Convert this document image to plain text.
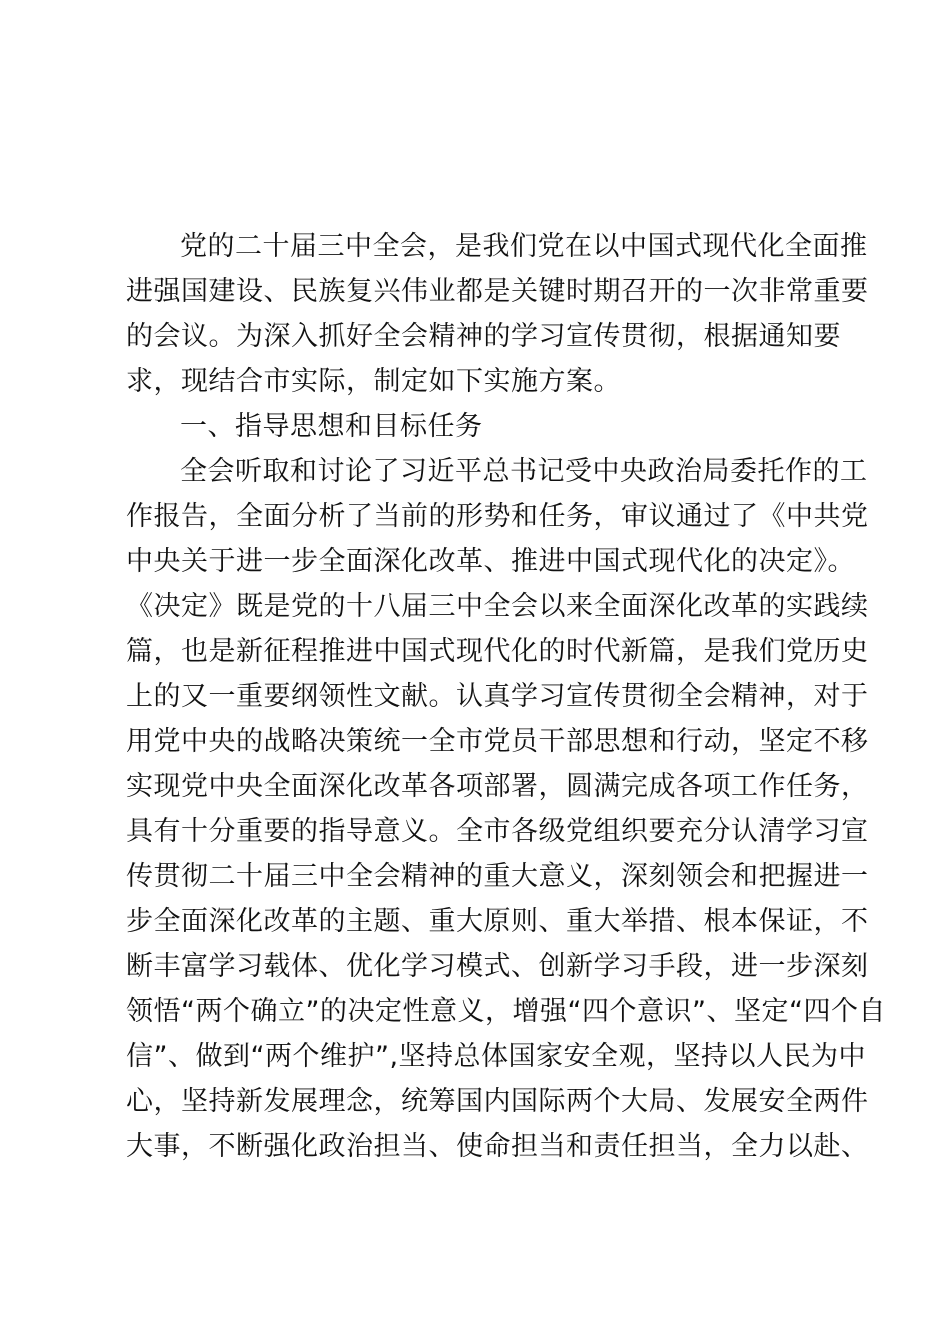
党的二十届三中全会，是我们党在以中国式现代化全面推
进强国建设、民族复兴伟业都是关键时期召开的一次非常重要
的会议。为深入抓好全会精神的学习宣传贯彻，根据通知要
求，现结合市实际，制定如下实施方案。
一、指导思想和目标任务
全会听取和讨论了习近平总书记受中央政治局委托作的工
作报告，全面分析了当前的形势和任务，审议通过了《中共党
中央关于进一步全面深化改革、推进中国式现代化的决定》。
《决定》既是党的十八届三中全会以来全面深化改革的实践续
篇，也是新征程推进中国式现代化的时代新篇，是我们党历史
上的又一重要纲领性文献。认真学习宣传贯彻全会精神，对于
用党中央的战略决策统一全市党员干部思想和行动，坚定不移
实现党中央全面深化改革各项部署，圆满完成各项工作任务，
具有十分重要的指导意义。全市各级党组织要充分认清学习宣
传贯彻二十届三中全会精神的重大意义，深刻领会和把握进一
步全面深化改革的主题、重大原则、重大举措、根本保证，不
断丰富学习载体、优化学习模式、创新学习手段，进一步深刻
领悟“两个确立”的决定性意义，增强“四个意识”、坚定“四个自
信”、做到“两个维护”,坚持总体国家安全观，坚持以人民为中
心，坚持新发展理念，统筹国内国际两个大局、发展安全两件
大事，不断强化政治担当、使命担当和责任担当，全力以赴、
